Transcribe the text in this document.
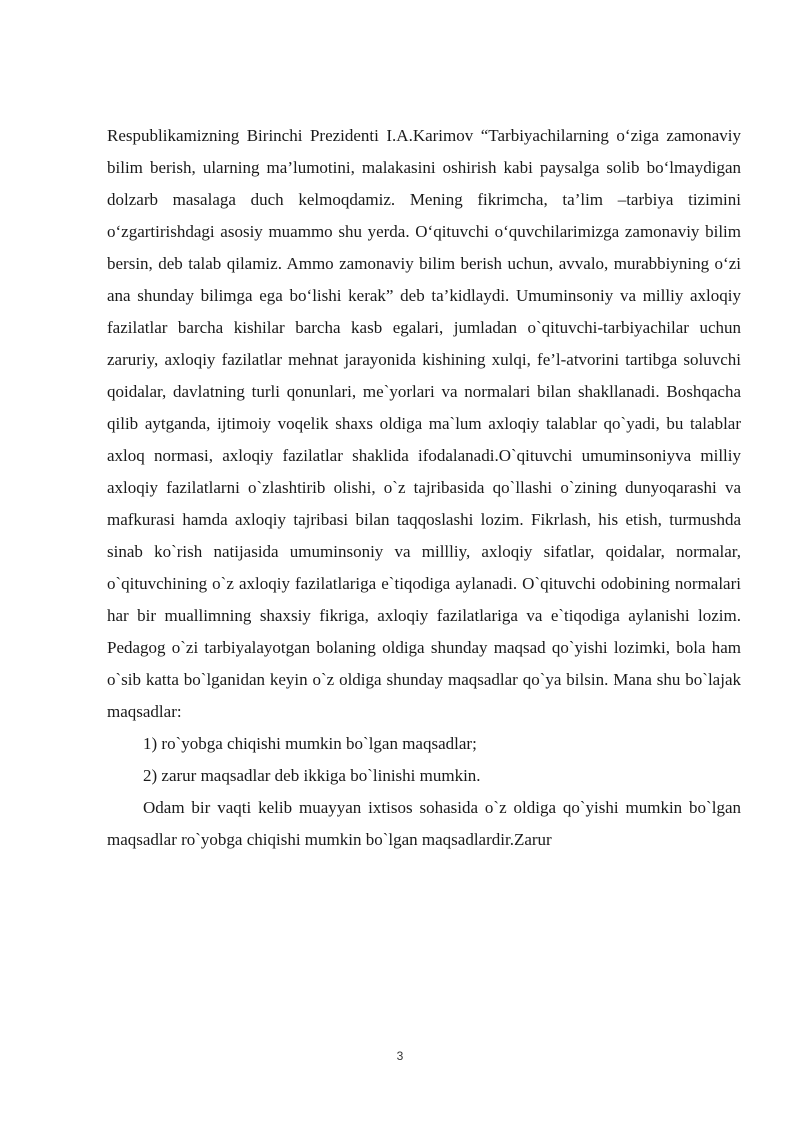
Respublikamizning Birinchi Prezidenti I.A.Karimov “Tarbiyachilarning o‘ziga zamonaviy bilim berish, ularning ma’lumotini, malakasini oshirish kabi paysalga solib bo‘lmaydigan dolzarb masalaga duch kelmoqdamiz. Mening fikrimcha, ta’lim –tarbiya tizimini o‘zgartirishdagi asosiy muammo shu yerda. O‘qituvchi o‘quvchilarimizga zamonaviy bilim bersin, deb talab qilamiz. Ammo zamonaviy bilim berish uchun, avvalo, murabbiyning o‘zi ana shunday bilimga ega bo‘lishi kerak” deb ta’kidlaydi. Umuminsoniy va milliy axloqiy fazilatlar barcha kishilar barcha kasb egalari, jumladan o`qituvchi-tarbiyachilar uchun zaruriy, axloqiy fazilatlar mehnat jarayonida kishining xulqi, fe’l-atvorini tartibga soluvchi qoidalar, davlatning turli qonunlari, me`yorlari va normalari bilan shakllanadi. Boshqacha qilib aytganda, ijtimoiy voqelik shaxs oldiga ma`lum axloqiy talablar qo`yadi, bu talablar axloq normasi, axloqiy fazilatlar shaklida ifodalanadi.O`qituvchi umuminsoniyva milliy axloqiy fazilatlarni o`zlashtirib olishi, o`z tajribasida qo`llashi o`zining dunyoqarashi va mafkurasi hamda axloqiy tajribasi bilan taqqoslashi lozim. Fikrlash, his etish, turmushda sinab ko`rish natijasida umuminsoniy va millliy, axloqiy sifatlar, qoidalar, normalar, o`qituvchining o`z axloqiy fazilatlariga e`tiqodiga aylanadi. O`qituvchi odobining normalari har bir muallimning shaxsiy fikriga, axloqiy fazilatlariga va e`tiqodiga aylanishi lozim. Pedagog o`zi tarbiyalayotgan bolaning oldiga shunday maqsad qo`yishi lozimki, bola ham o`sib katta bo`lganidan keyin o`z oldiga shunday maqsadlar qo`ya bilsin. Mana shu bo`lajak maqsadlar:

1) ro`yobga chiqishi mumkin bo`lgan maqsadlar;

2) zarur maqsadlar deb ikkiga bo`linishi mumkin.

Odam bir vaqti kelib muayyan ixtisos sohasida o`z oldiga qo`yishi mumkin bo`lgan maqsadlar ro`yobga chiqishi mumkin bo`lgan maqsadlardir.Zarur

3
